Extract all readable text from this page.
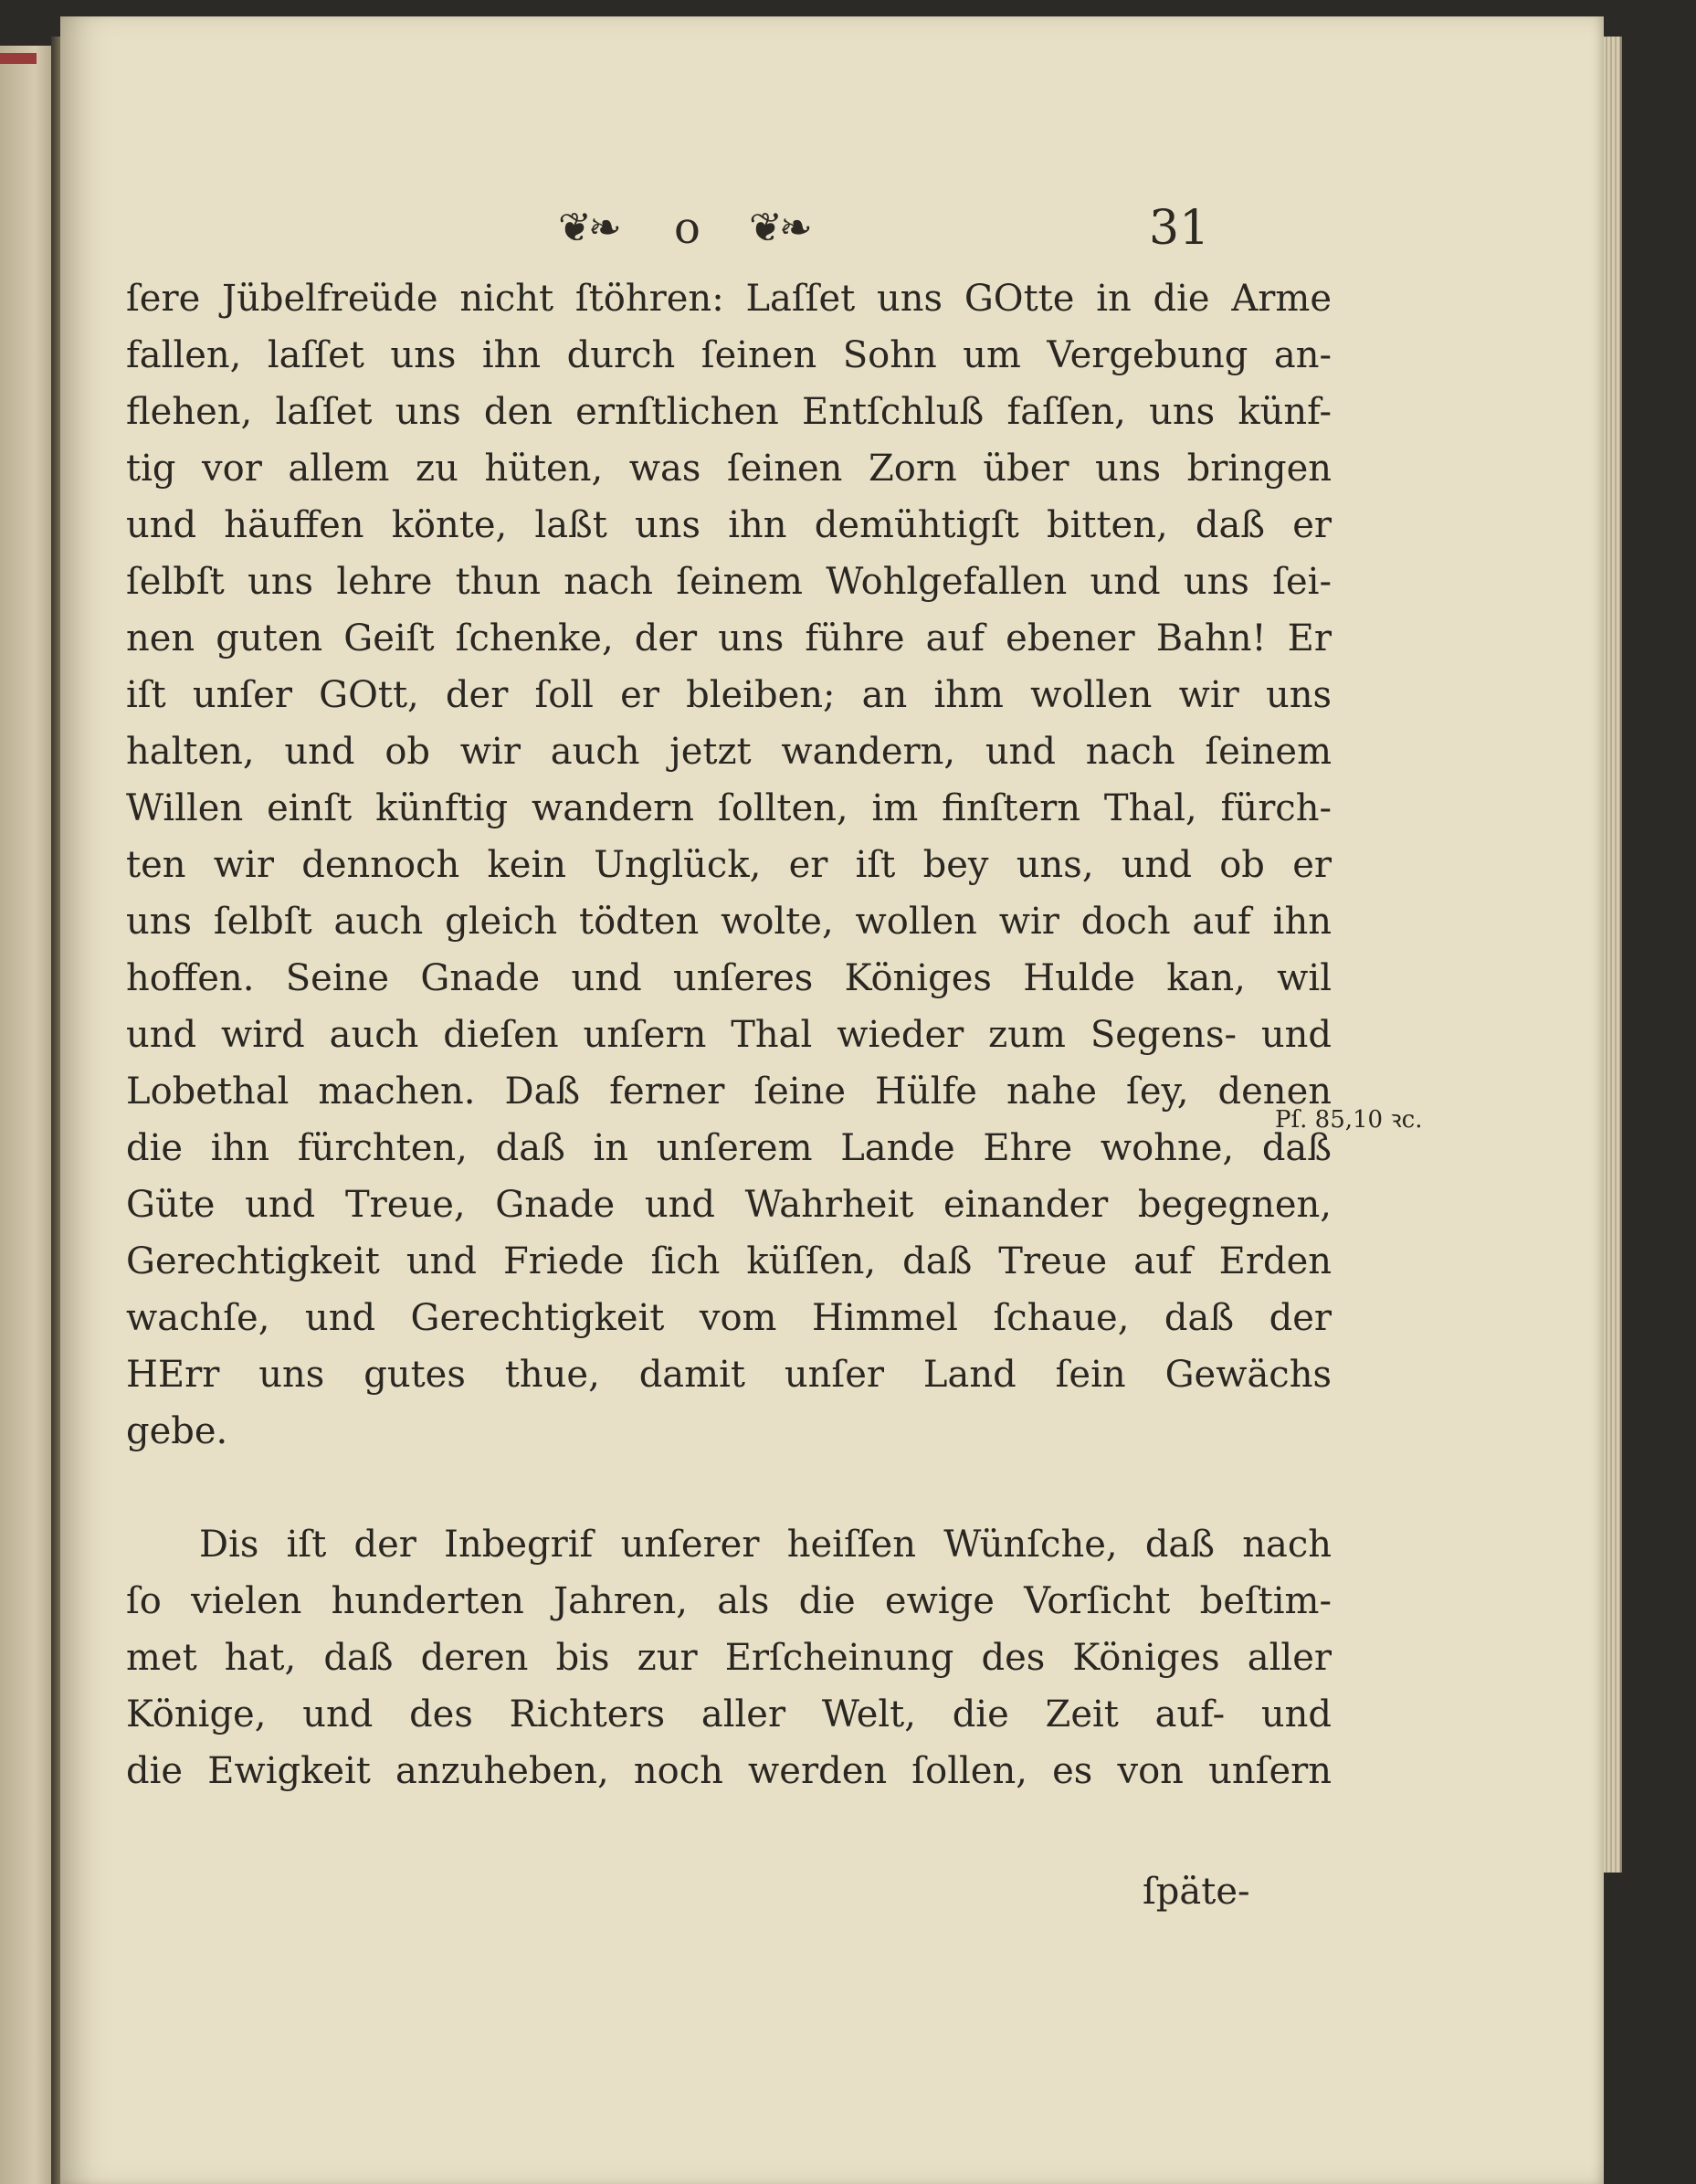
❦❧ o ❦❧	31
ſere Jübelfreüde nicht ſtöhren: Laſſet uns GOtte in die Arme
fallen, laſſet uns ihn durch ſeinen Sohn um Vergebung an-
flehen, laſſet uns den ernſtlichen Entſchluß faſſen, uns künf-
tig vor allem zu hüten, was ſeinen Zorn über uns bringen
und häuffen könte, laßt uns ihn demühtigſt bitten, daß er
ſelbſt uns lehre thun nach ſeinem Wohlgefallen und uns ſei-
nen guten Geiſt ſchenke, der uns führe auf ebener Bahn! Er
iſt unſer GOtt, der ſoll er bleiben; an ihm wollen wir uns
halten, und ob wir auch jetzt wandern, und nach ſeinem
Willen einſt künftig wandern ſollten, im finſtern Thal, fürch-
ten wir dennoch kein Unglück, er iſt bey uns, und ob er
uns ſelbſt auch gleich tödten wolte, wollen wir doch auf ihn
hoffen. Seine Gnade und unſeres Königes Hulde kan, wil
und wird auch dieſen unſern Thal wieder zum Segens- und
Lobethal machen. Daß ferner ſeine Hülfe nahe ſey, denen
die ihn fürchten, daß in unſerem Lande Ehre wohne, daß
Güte und Treue, Gnade und Wahrheit einander begegnen,
Gerechtigkeit und Friede ſich küſſen, daß Treue auf Erden
wachſe, und Gerechtigkeit vom Himmel ſchaue, daß der
HErr uns gutes thue, damit unſer Land ſein Gewächs
gebe.
Dis iſt der Inbegrif unſerer heiſſen Wünſche, daß nach
ſo vielen hunderten Jahren, als die ewige Vorſicht beſtim-
met hat, daß deren bis zur Erſcheinung des Königes aller
Könige, und des Richters aller Welt, die Zeit auf- und
die Ewigkeit anzuheben, noch werden ſollen, es von unſern
Pſ. 85,10 ꝛc.
ſpäte-
